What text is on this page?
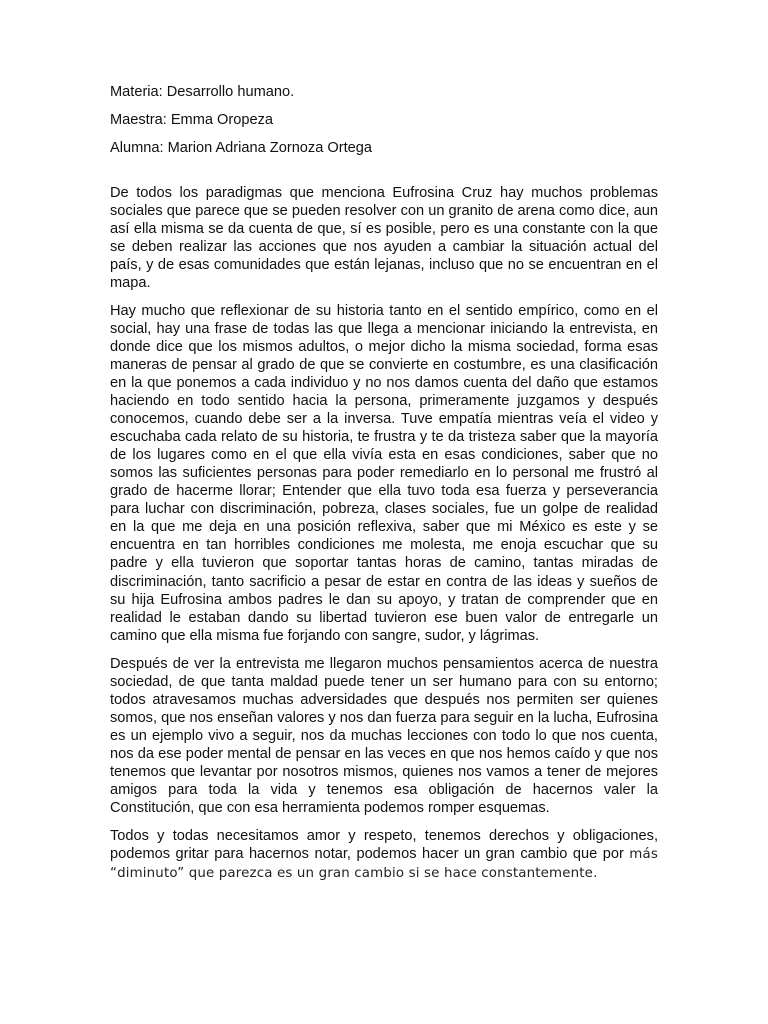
Materia: Desarrollo humano.

Maestra: Emma Oropeza

Alumna: Marion Adriana Zornoza Ortega

De todos los paradigmas que menciona Eufrosina Cruz hay muchos problemas sociales que parece que se pueden resolver con un granito de arena como dice, aun así ella misma se da cuenta de que, sí es posible, pero es una constante con la que se deben realizar las acciones que nos ayuden a cambiar la situación actual del país, y de esas comunidades que están lejanas, incluso que no se encuentran en el mapa.

Hay mucho que reflexionar de su historia tanto en el sentido empírico, como en el social, hay una frase de todas las que llega a mencionar iniciando la entrevista, en donde dice que los mismos adultos, o mejor dicho la misma sociedad, forma esas maneras de pensar al grado de que se convierte en costumbre, es una clasificación en la que ponemos a cada individuo y no nos damos cuenta del daño que estamos haciendo en todo sentido hacia la persona, primeramente juzgamos y después conocemos, cuando debe ser a la inversa. Tuve empatía mientras veía el video y escuchaba cada relato de su historia, te frustra y te da tristeza saber que la mayoría de los lugares como en el que ella vivía esta en esas condiciones, saber que no somos las suficientes personas para poder remediarlo en lo personal me frustró al grado de hacerme llorar; Entender que ella tuvo toda esa fuerza y perseverancia para luchar con discriminación, pobreza, clases sociales, fue un golpe de realidad en la que me deja en una posición reflexiva, saber que mi México es este y se encuentra en tan horribles condiciones me molesta, me enoja escuchar que su padre y ella tuvieron que soportar tantas horas de camino, tantas miradas de discriminación, tanto sacrificio a pesar de estar en contra de las ideas y sueños de su hija Eufrosina ambos padres le dan su apoyo, y tratan de comprender que en realidad le estaban dando su libertad tuvieron ese buen valor de entregarle un camino que ella misma fue forjando con sangre, sudor, y lágrimas.

Después de ver la entrevista me llegaron muchos pensamientos acerca de nuestra sociedad, de que tanta maldad puede tener un ser humano para con su entorno; todos atravesamos muchas adversidades que después nos permiten ser quienes somos, que nos enseñan valores y nos dan fuerza para seguir en la lucha, Eufrosina es un ejemplo vivo a seguir, nos da muchas lecciones con todo lo que nos cuenta, nos da ese poder mental de pensar en las veces en que nos hemos caído y que nos tenemos que levantar por nosotros mismos, quienes nos vamos a tener de mejores amigos para toda la vida y tenemos esa obligación de hacernos valer la Constitución, que con esa herramienta podemos romper esquemas.

Todos y todas necesitamos amor y respeto, tenemos derechos y obligaciones, podemos gritar para hacernos notar, podemos hacer un gran cambio que por más “diminuto” que parezca es un gran cambio si se hace constantemente.
